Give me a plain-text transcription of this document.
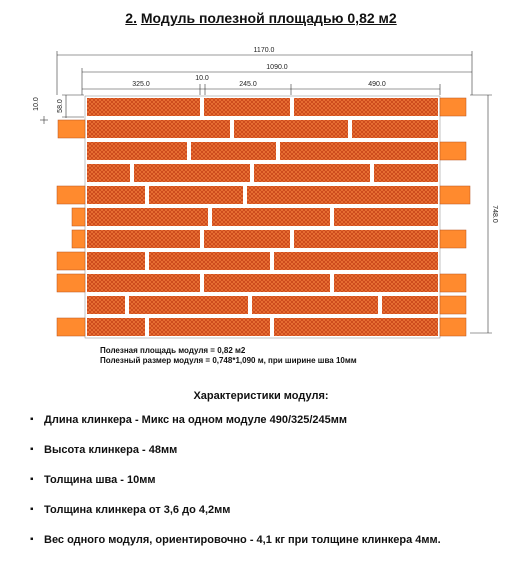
2. Модуль полезной площадью 0,82 м2
1170.0
1090.0
10.0
325.0	245.0	490.0
748.0
58.0
10.0
Полезная площадь модуля = 0,82 м2
Полезный размер модуля = 0,748*1,090 м, при ширине шва 10мм
Характеристики модуля:
▪ Длина клинкера - Микс на одном модуле 490/325/245мм
▪ Высота клинкера - 48мм
▪ Толщина шва - 10мм
▪ Толщина клинкера от 3,6 до 4,2мм
▪ Вес одного модуля, ориентировочно - 4,1 кг при толщине клинкера 4мм.
